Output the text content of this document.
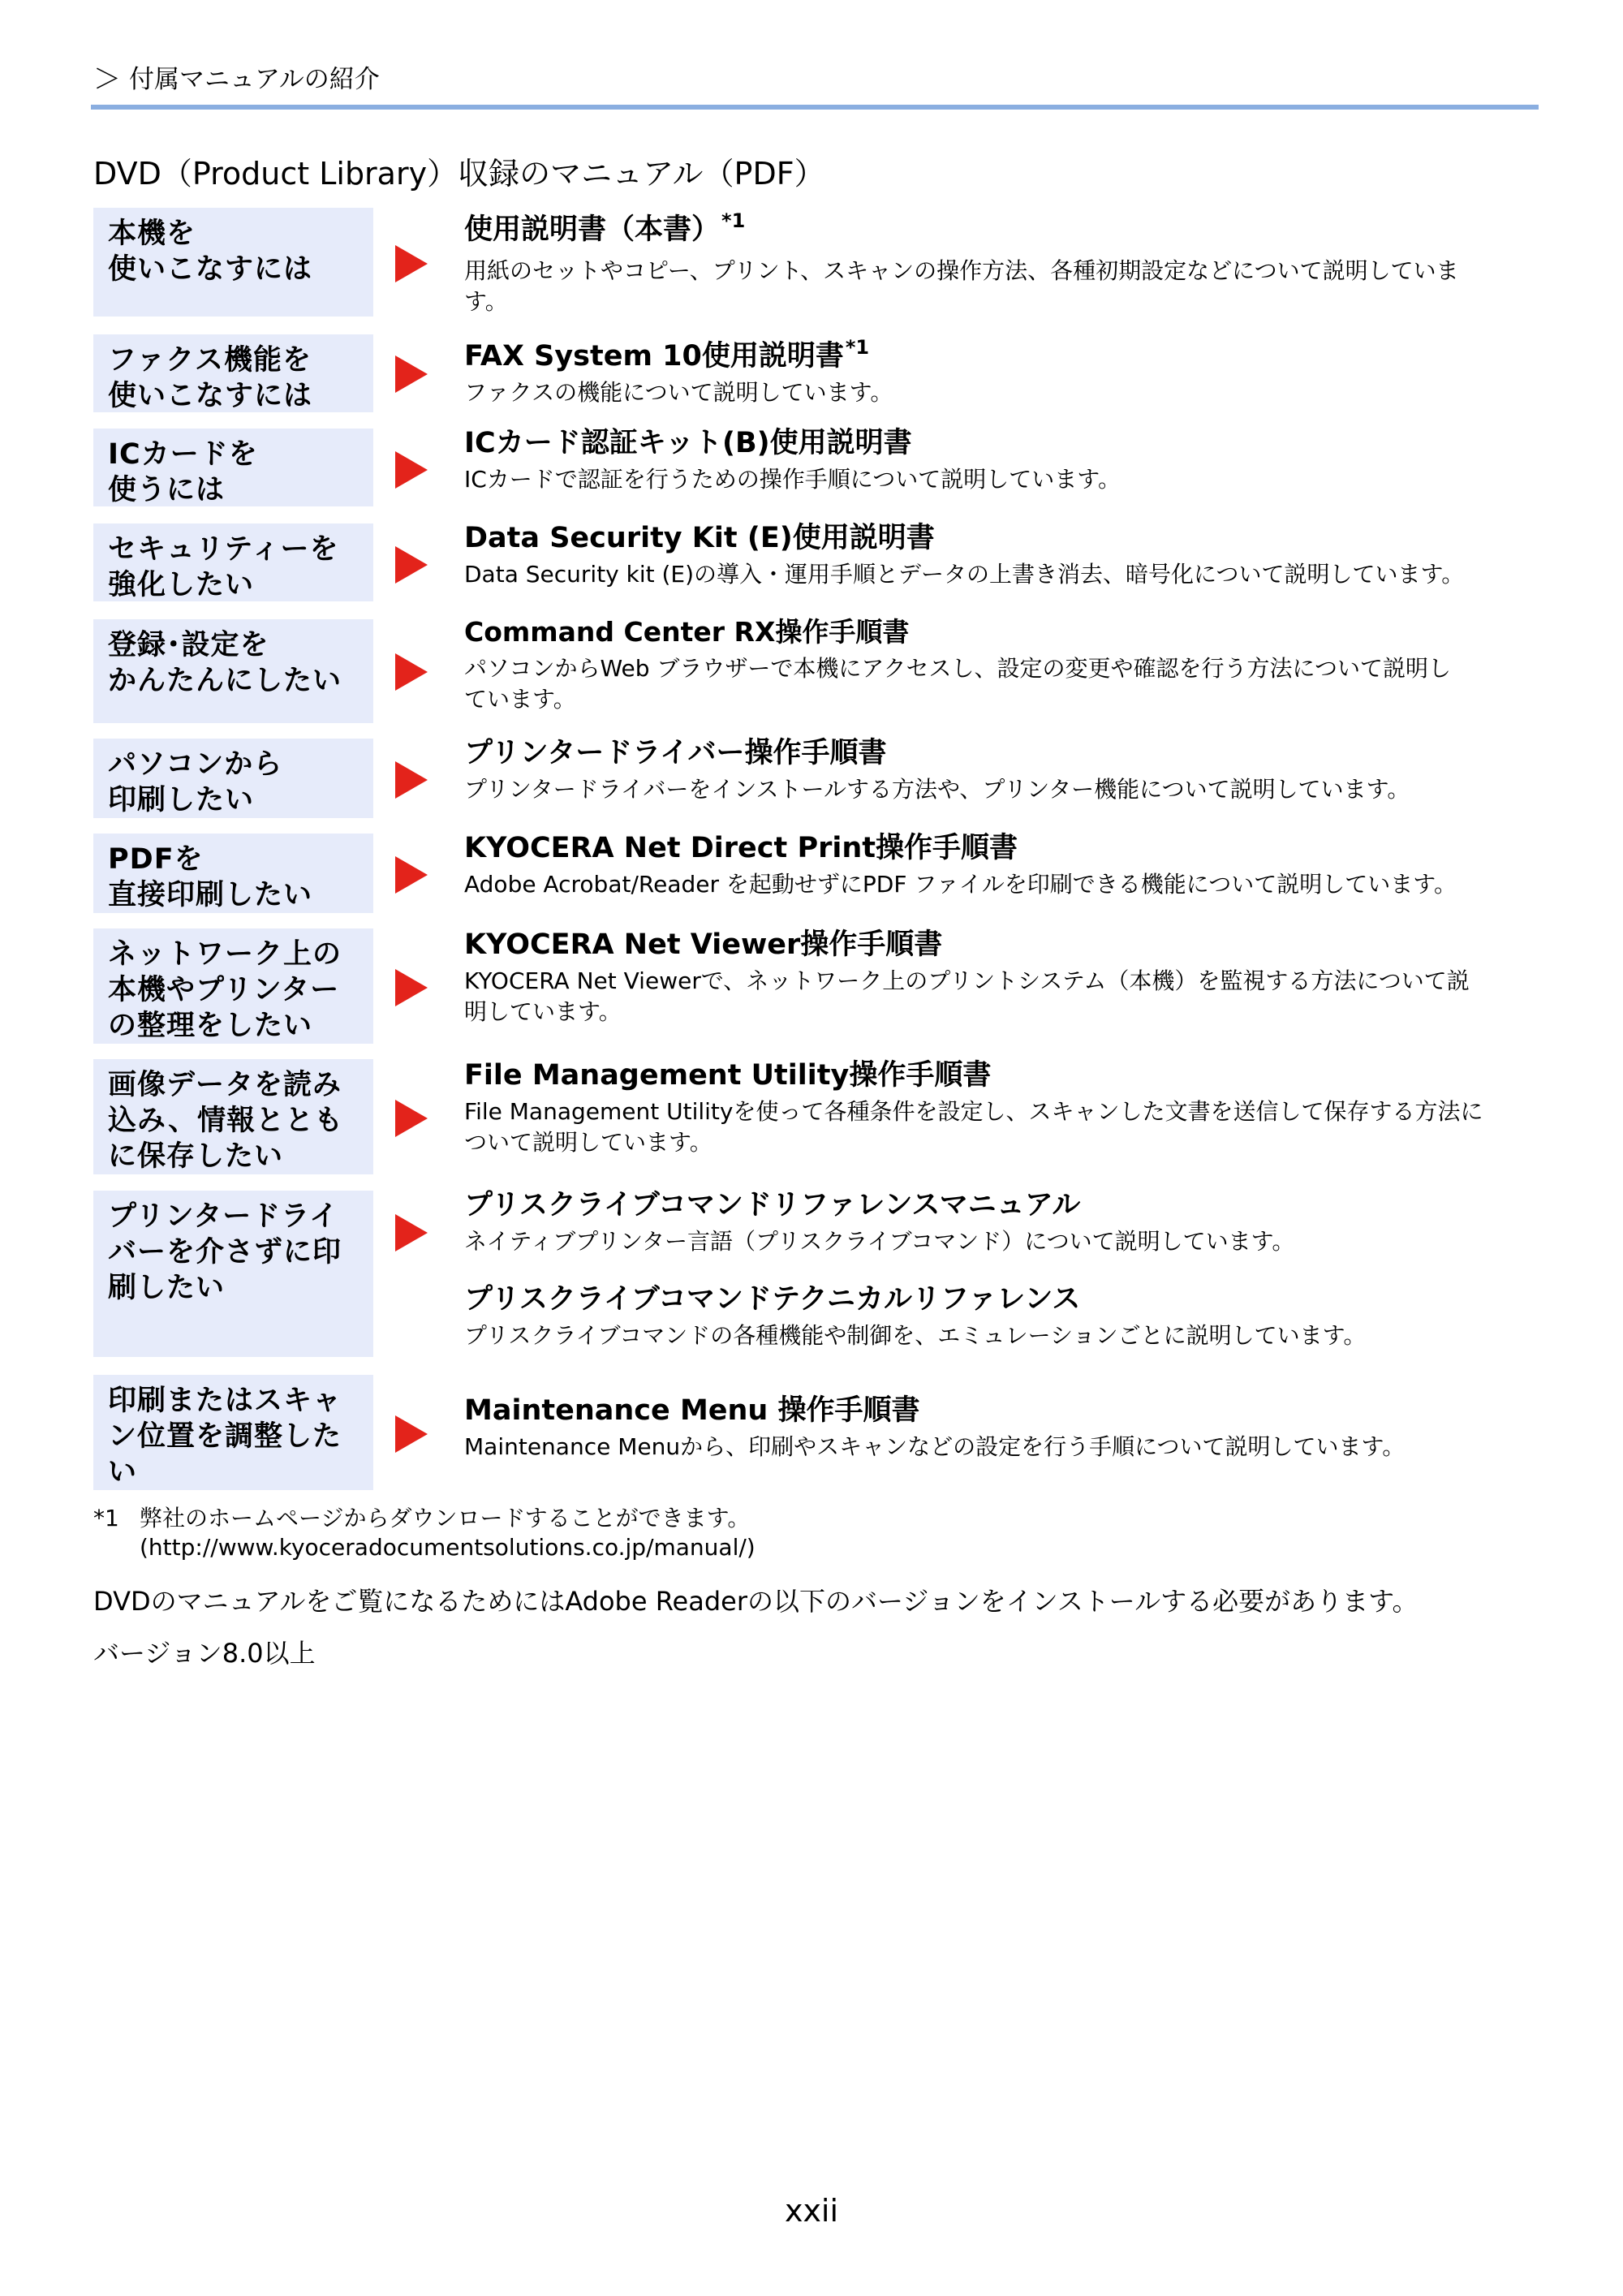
＞ 付属マニュアルの紹介
DVD（Product Library）収録のマニュアル（PDF）
本機を
使いこなすには
使用説明書（本書）$^{*1}$
用紙のセットやコピー、プリント、スキャンの操作方法、各種初期設定などについて説明していま
す。
ファクス機能を
使いこなすには
FAX System 10使用説明書$^{*1}$
ファクスの機能について説明しています。
ICカードを
使うには
ICカード認証キット(B)使用説明書
ICカードで認証を行うための操作手順について説明しています。
セキュリティーを
強化したい
Data Security Kit (E)使用説明書
Data Security kit (E)の導入・運用手順とデータの上書き消去、暗号化について説明しています。
登録･設定を
かんたんにしたい
Command Center RX操作手順書
パソコンからWeb ブラウザーで本機にアクセスし、設定の変更や確認を行う方法について説明し
ています。
パソコンから
印刷したい
プリンタードライバー操作手順書
プリンタードライバーをインストールする方法や、プリンター機能について説明しています。
PDFを
直接印刷したい
KYOCERA Net Direct Print操作手順書
Adobe Acrobat/Reader を起動せずにPDF ファイルを印刷できる機能について説明しています。
ネットワーク上の
本機やプリンター
の整理をしたい
KYOCERA Net Viewer操作手順書
KYOCERA Net Viewerで、ネットワーク上のプリントシステム（本機）を監視する方法について説
明しています。
画像データを読み
込み、情報ととも
に保存したい
File Management Utility操作手順書
File Management Utilityを使って各種条件を設定し、スキャンした文書を送信して保存する方法に
ついて説明しています。
プリンタードライ
バーを介さずに印
刷したい
プリスクライブコマンドリファレンスマニュアル
ネイティブプリンター言語（プリスクライブコマンド）について説明しています。
プリスクライブコマンドテクニカルリファレンス
プリスクライブコマンドの各種機能や制御を、エミュレーションごとに説明しています。
印刷またはスキャ
ン位置を調整した
い
Maintenance Menu 操作手順書
Maintenance Menuから、印刷やスキャンなどの設定を行う手順について説明しています。
*1 弊社のホームページからダウンロードすることができます。
(http://www.kyoceradocumentsolutions.co.jp/manual/)
DVDのマニュアルをご覧になるためにはAdobe Readerの以下のバージョンをインストールする必要があります。
バージョン8.0以上
xxii
